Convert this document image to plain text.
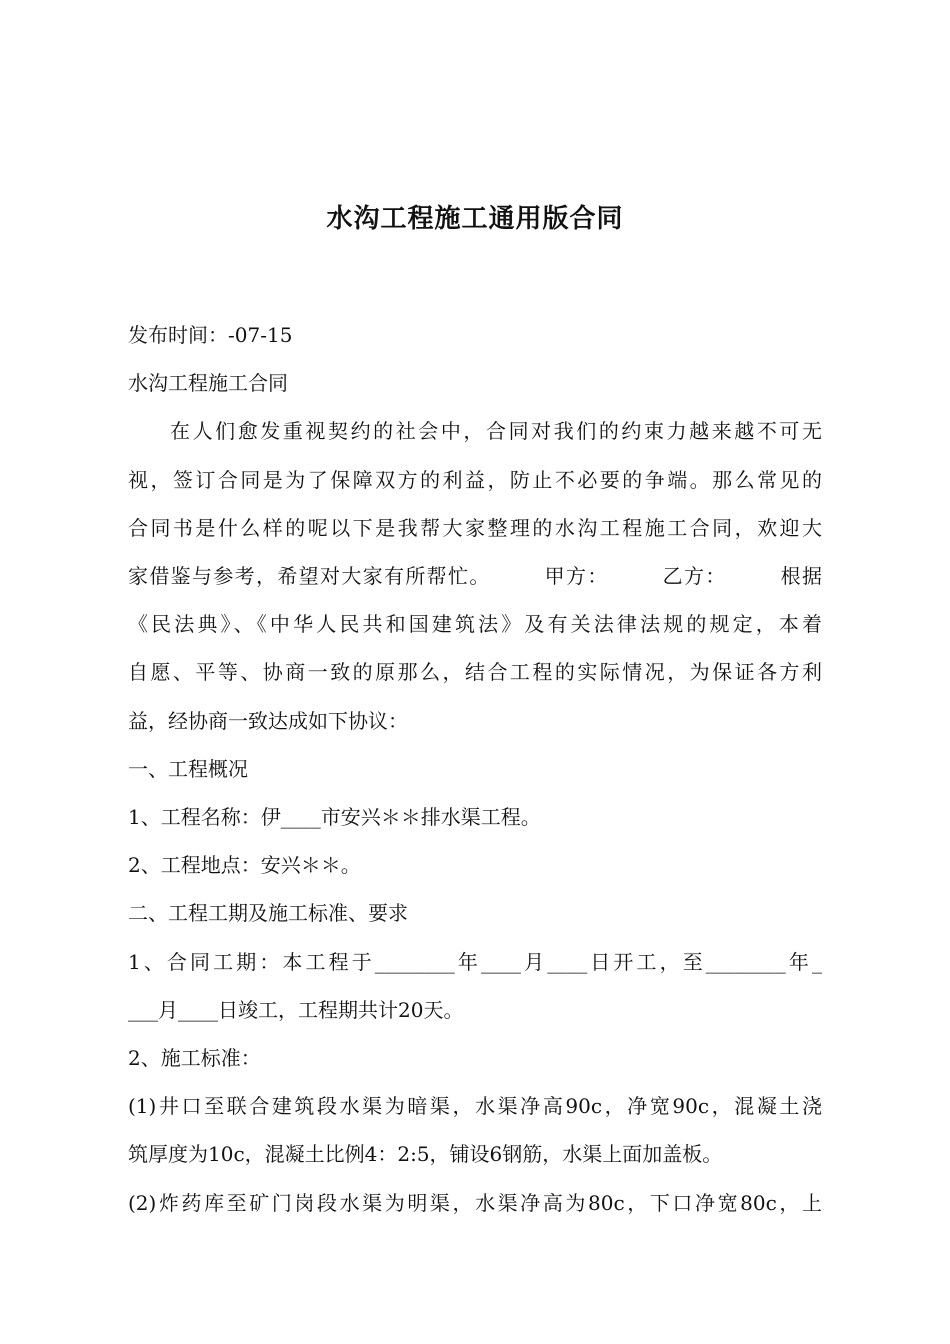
水沟工程施工通用版合同
发布时间：-07-15
水沟工程施工合同
在人们愈发重视契约的社会中，合同对我们的约束力越来越不可无
视，签订合同是为了保障双方的利益，防止不必要的争端。那么常见的
合同书是什么样的呢以下是我帮大家整理的水沟工程施工合同，欢迎大
家借鉴与参考，希望对大家有所帮忙。　　　甲方：　　　乙方：　　　根据
《民法典》、《中华人民共和国建筑法》及有关法律法规的规定，本着
自愿、平等、协商一致的原那么，结合工程的实际情况，为保证各方利
益，经协商一致达成如下协议：
一、工程概况
1、工程名称：伊____市安兴＊＊排水渠工程。
2、工程地点：安兴＊＊。
二、工程工期及施工标准、要求
1、合同工期：本工程于________年____月____日开工，至________年_
___月____日竣工，工程期共计20天。
2、施工标准：
(1)井口至联合建筑段水渠为暗渠，水渠净高90c，净宽90c，混凝土浇
筑厚度为10c，混凝土比例4：2:5，铺设6钢筋，水渠上面加盖板。
(2)炸药库至矿门岗段水渠为明渠，水渠净高为80c，下口净宽80c，上
